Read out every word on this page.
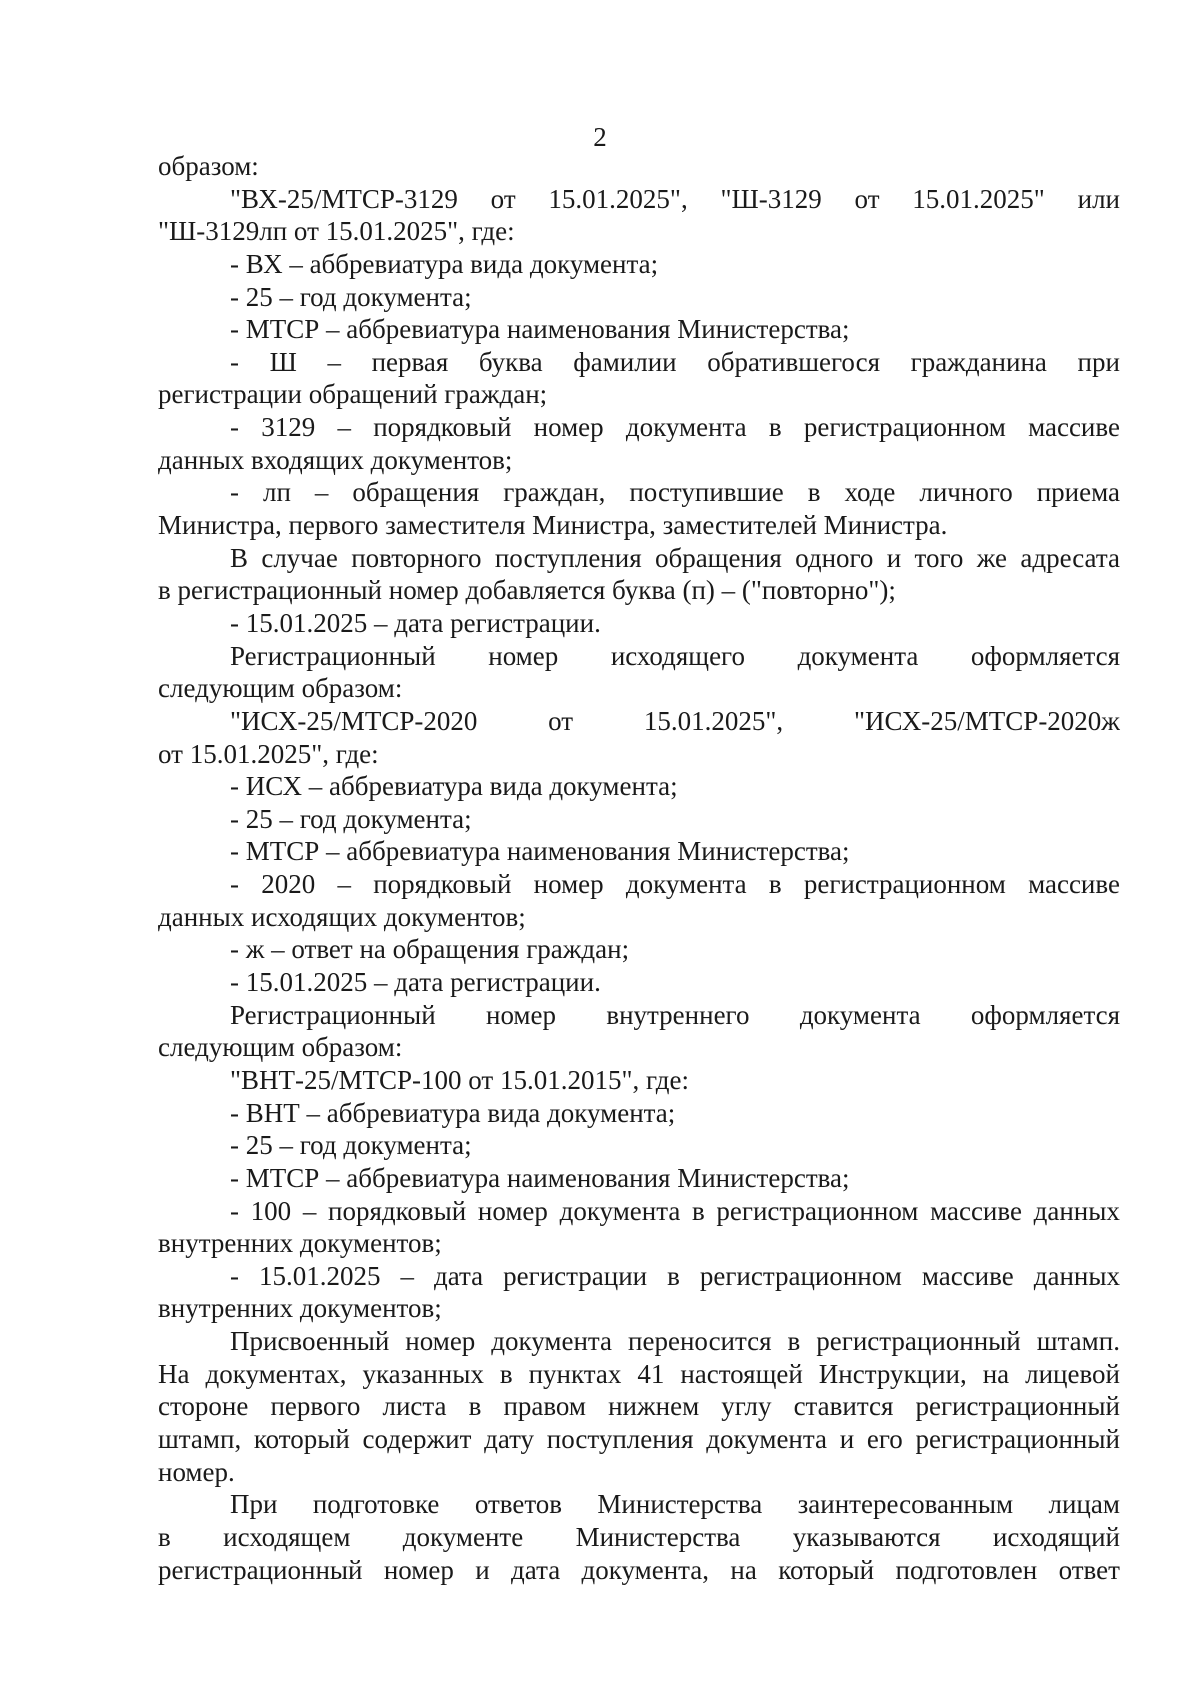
2
образом:
"ВХ-25/МТСР-3129 от 15.01.2025", "Ш-3129 от 15.01.2025" или
"Ш-3129лп от 15.01.2025", где:
- ВХ – аббревиатура вида документа;
- 25 – год документа;
- МТСР – аббревиатура наименования Министерства;
- Ш – первая буква фамилии обратившегося гражданина при
регистрации обращений граждан;
- 3129 – порядковый номер документа в регистрационном массиве
данных входящих документов;
- лп – обращения граждан, поступившие в ходе личного приема
Министра, первого заместителя Министра, заместителей Министра.
В случае повторного поступления обращения одного и того же адресата
в регистрационный номер добавляется буква (п) – ("повторно");
- 15.01.2025 – дата регистрации.
Регистрационный номер исходящего документа оформляется
следующим образом:
"ИСХ-25/МТСР-2020	от	15.01.2025",	"ИСХ-25/МТСР-2020ж
от 15.01.2025", где:
- ИСХ – аббревиатура вида документа;
- 25 – год документа;
- МТСР – аббревиатура наименования Министерства;
- 2020 – порядковый номер документа в регистрационном массиве
данных исходящих документов;
- ж – ответ на обращения граждан;
- 15.01.2025 – дата регистрации.
Регистрационный номер внутреннего документа оформляется
следующим образом:
"ВНТ-25/МТСР-100 от 15.01.2015", где:
- ВНТ – аббревиатура вида документа;
- 25 – год документа;
- МТСР – аббревиатура наименования Министерства;
- 100 – порядковый номер документа в регистрационном массиве данных
внутренних документов;
- 15.01.2025 – дата регистрации в регистрационном массиве данных
внутренних документов;
Присвоенный номер документа переносится в регистрационный штамп.
На документах, указанных в пунктах 41 настоящей Инструкции, на лицевой
стороне первого листа в правом нижнем углу ставится регистрационный
штамп, который содержит дату поступления документа и его регистрационный
номер.
При подготовке ответов Министерства заинтересованным лицам
в исходящем документе Министерства указываются исходящий
регистрационный номер и дата документа, на который подготовлен ответ
